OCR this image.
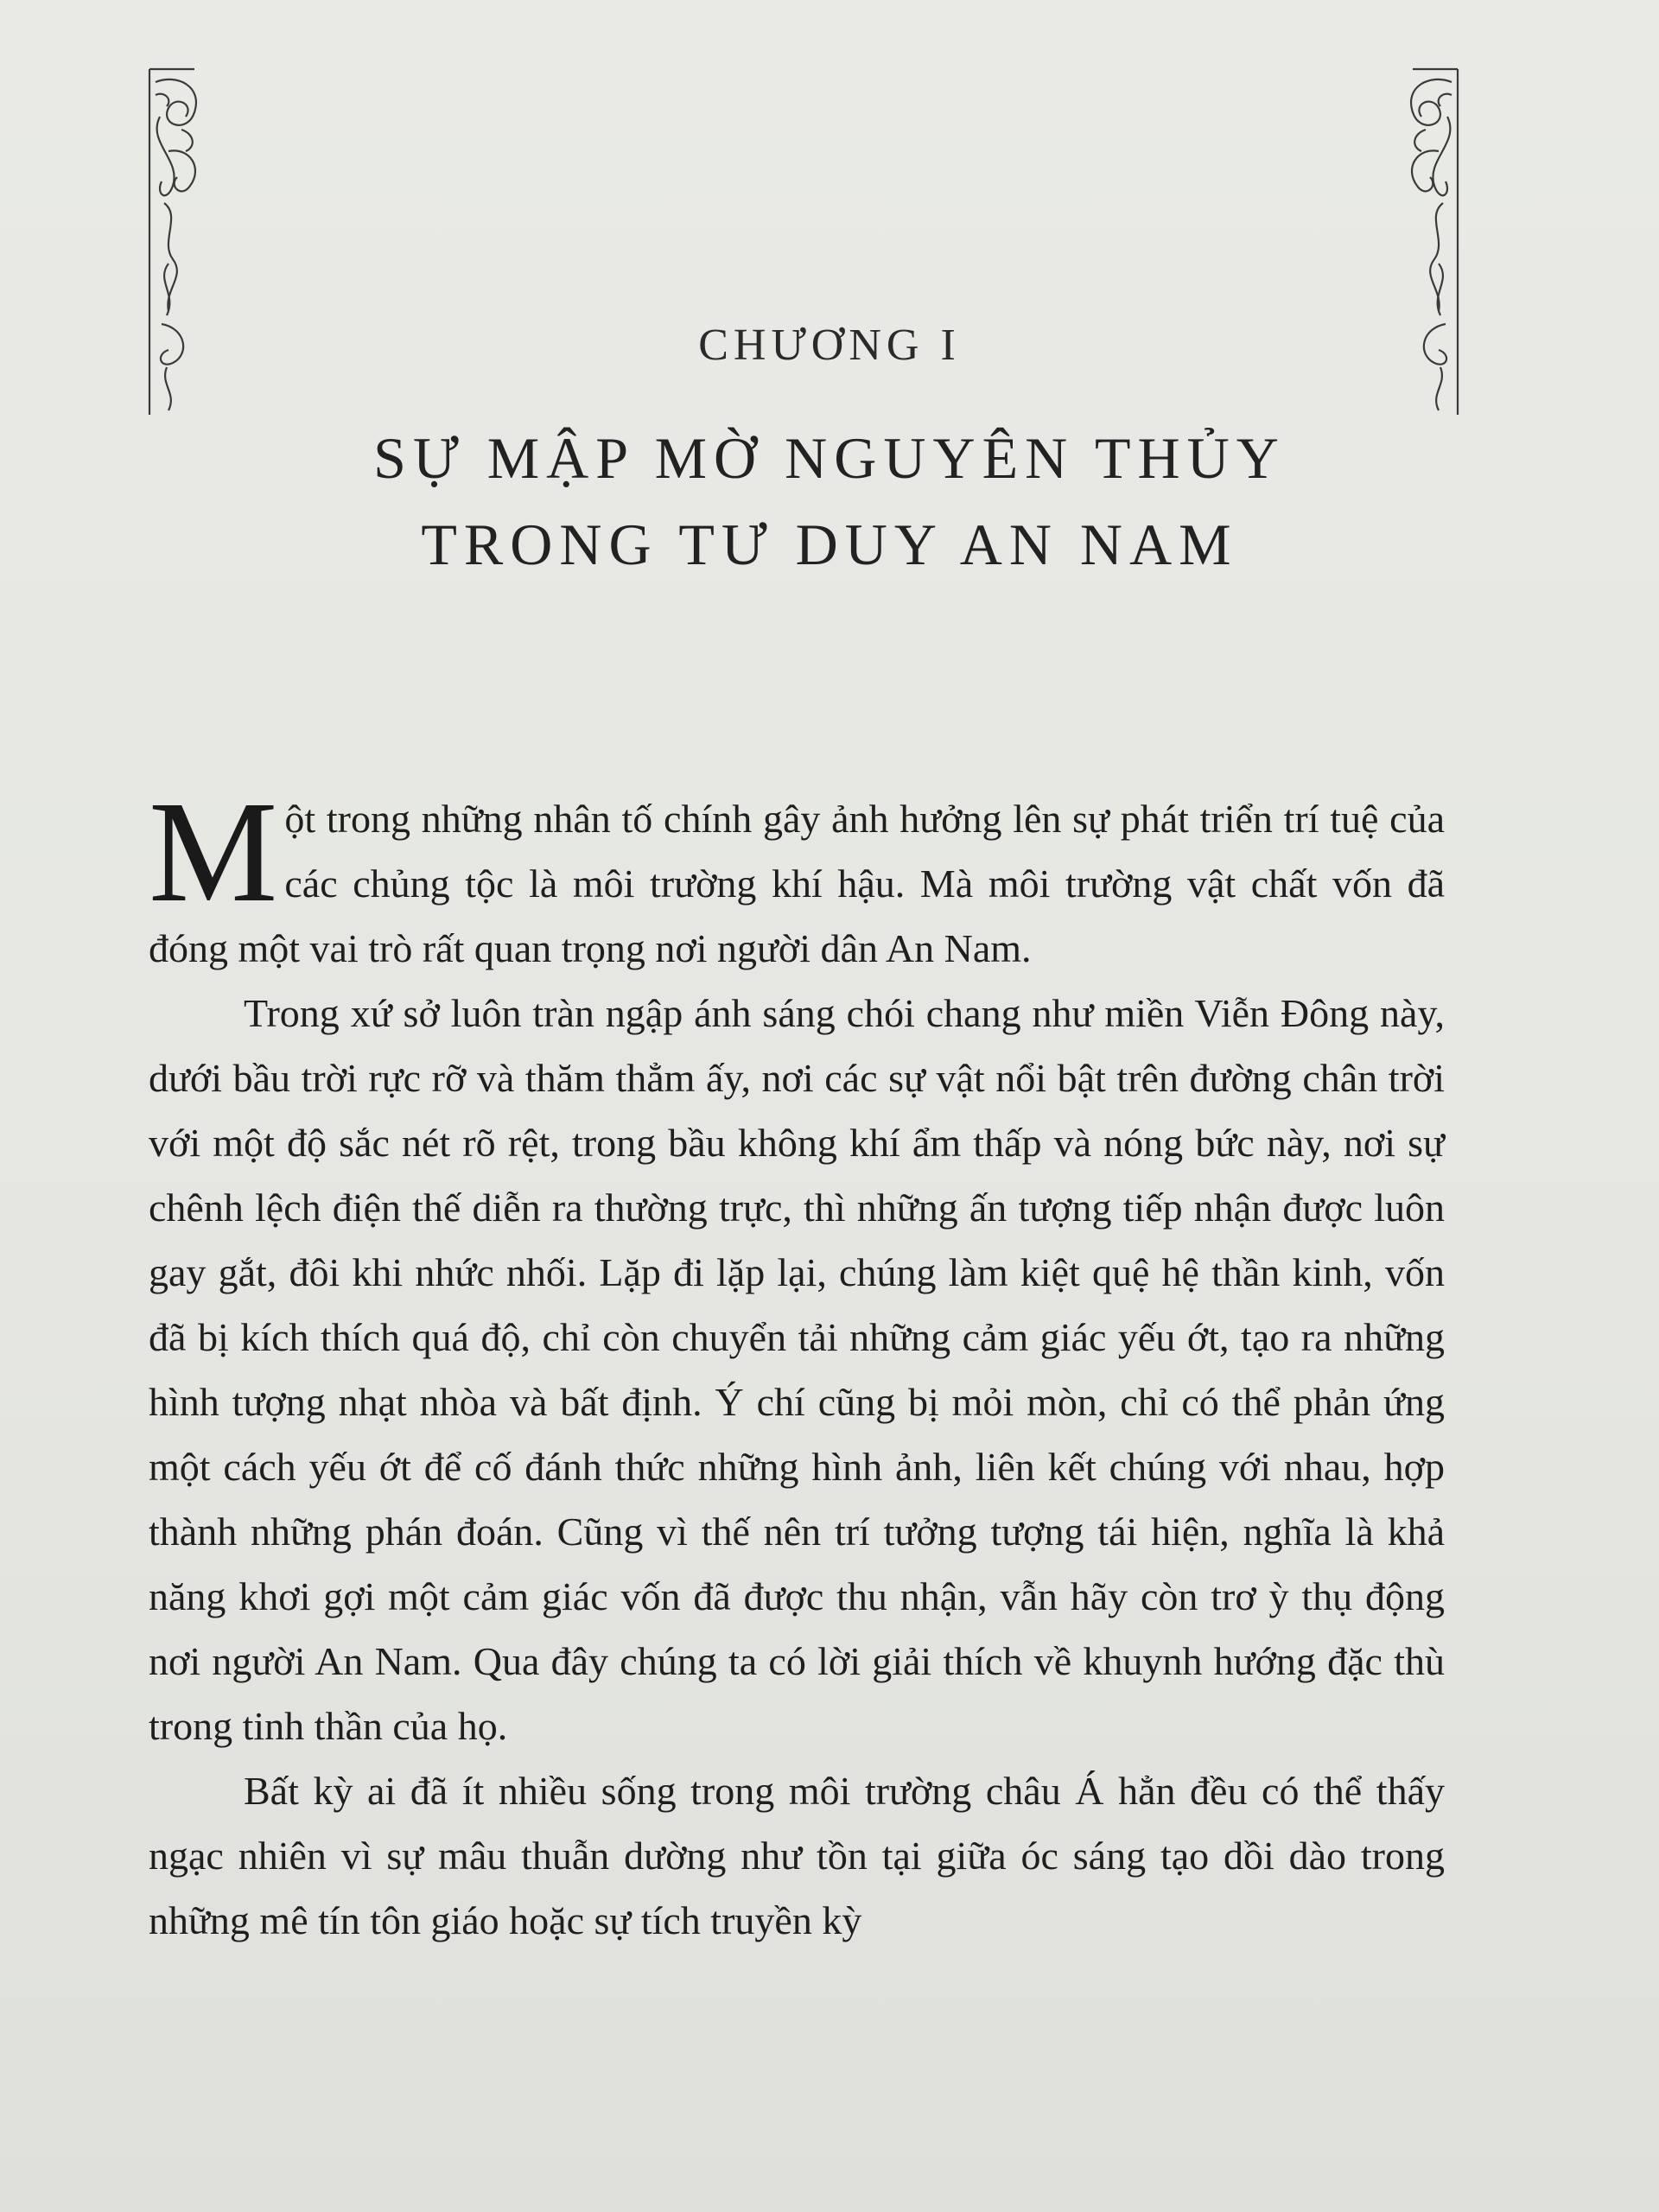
CHƯƠNG I
SỰ MẬP MỜ NGUYÊN THỦY
TRONG TƯ DUY AN NAM

Một trong những nhân tố chính gây ảnh hưởng lên sự phát triển trí tuệ của các chủng tộc là môi trường khí hậu. Mà môi trường vật chất vốn đã đóng một vai trò rất quan trọng nơi người dân An Nam.

Trong xứ sở luôn tràn ngập ánh sáng chói chang như miền Viễn Đông này, dưới bầu trời rực rỡ và thăm thẳm ấy, nơi các sự vật nổi bật trên đường chân trời với một độ sắc nét rõ rệt, trong bầu không khí ẩm thấp và nóng bức này, nơi sự chênh lệch điện thế diễn ra thường trực, thì những ấn tượng tiếp nhận được luôn gay gắt, đôi khi nhức nhối. Lặp đi lặp lại, chúng làm kiệt quệ hệ thần kinh, vốn đã bị kích thích quá độ, chỉ còn chuyển tải những cảm giác yếu ớt, tạo ra những hình tượng nhạt nhòa và bất định. Ý chí cũng bị mỏi mòn, chỉ có thể phản ứng một cách yếu ớt để cố đánh thức những hình ảnh, liên kết chúng với nhau, hợp thành những phán đoán. Cũng vì thế nên trí tưởng tượng tái hiện, nghĩa là khả năng khơi gợi một cảm giác vốn đã được thu nhận, vẫn hãy còn trơ ỳ thụ động nơi người An Nam. Qua đây chúng ta có lời giải thích về khuynh hướng đặc thù trong tinh thần của họ.

Bất kỳ ai đã ít nhiều sống trong môi trường châu Á hẳn đều có thể thấy ngạc nhiên vì sự mâu thuẫn dường như tồn tại giữa óc sáng tạo dồi dào trong những mê tín tôn giáo hoặc sự tích truyền kỳ
